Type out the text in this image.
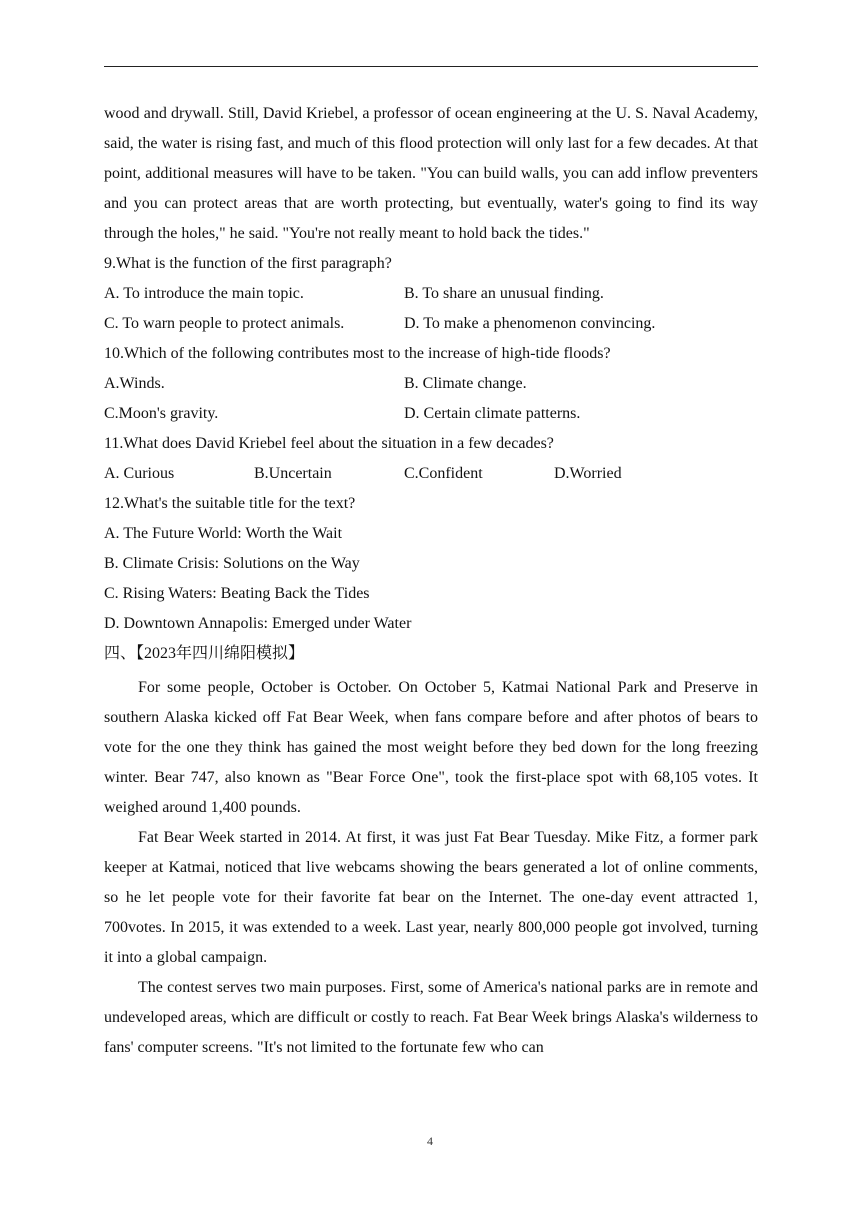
wood and drywall. Still, David Kriebel, a professor of ocean engineering at the U. S. Naval Academy, said, the water is rising fast, and much of this flood protection will only last for a few decades. At that point, additional measures will have to be taken. "You can build walls, you can add inflow preventers and you can protect areas that are worth protecting, but eventually, water's going to find its way through the holes," he said. "You're not really meant to hold back the tides."

9.What is the function of the first paragraph?

A. To introduce the main topic.	B. To share an unusual finding.
C. To warn people to protect animals.	D. To make a phenomenon convincing.

10.Which of the following contributes most to the increase of high-tide floods?

A.Winds.	B. Climate change.
C.Moon's gravity.	D. Certain climate patterns.

11.What does David Kriebel feel about the situation in a few decades?

A. Curious	B.Uncertain	C.Confident	D.Worried

12.What's the suitable title for the text?

A. The Future World: Worth the Wait

B. Climate Crisis: Solutions on the Way

C. Rising Waters: Beating Back the Tides

D. Downtown Annapolis: Emerged under Water

四、【2023年四川绵阳模拟】

For some people, October is October. On October 5, Katmai National Park and Preserve in southern Alaska kicked off Fat Bear Week, when fans compare before and after photos of bears to vote for the one they think has gained the most weight before they bed down for the long freezing winter. Bear 747, also known as "Bear Force One", took the first-place spot with 68,105 votes. It weighed around 1,400 pounds.

Fat Bear Week started in 2014. At first, it was just Fat Bear Tuesday. Mike Fitz, a former park keeper at Katmai, noticed that live webcams showing the bears generated a lot of online comments, so he let people vote for their favorite fat bear on the Internet. The one-day event attracted 1, 700votes. In 2015, it was extended to a week. Last year, nearly 800,000 people got involved, turning it into a global campaign.

The contest serves two main purposes. First, some of America's national parks are in remote and undeveloped areas, which are difficult or costly to reach. Fat Bear Week brings Alaska's wilderness to fans' computer screens. "It's not limited to the fortunate few who can

4
